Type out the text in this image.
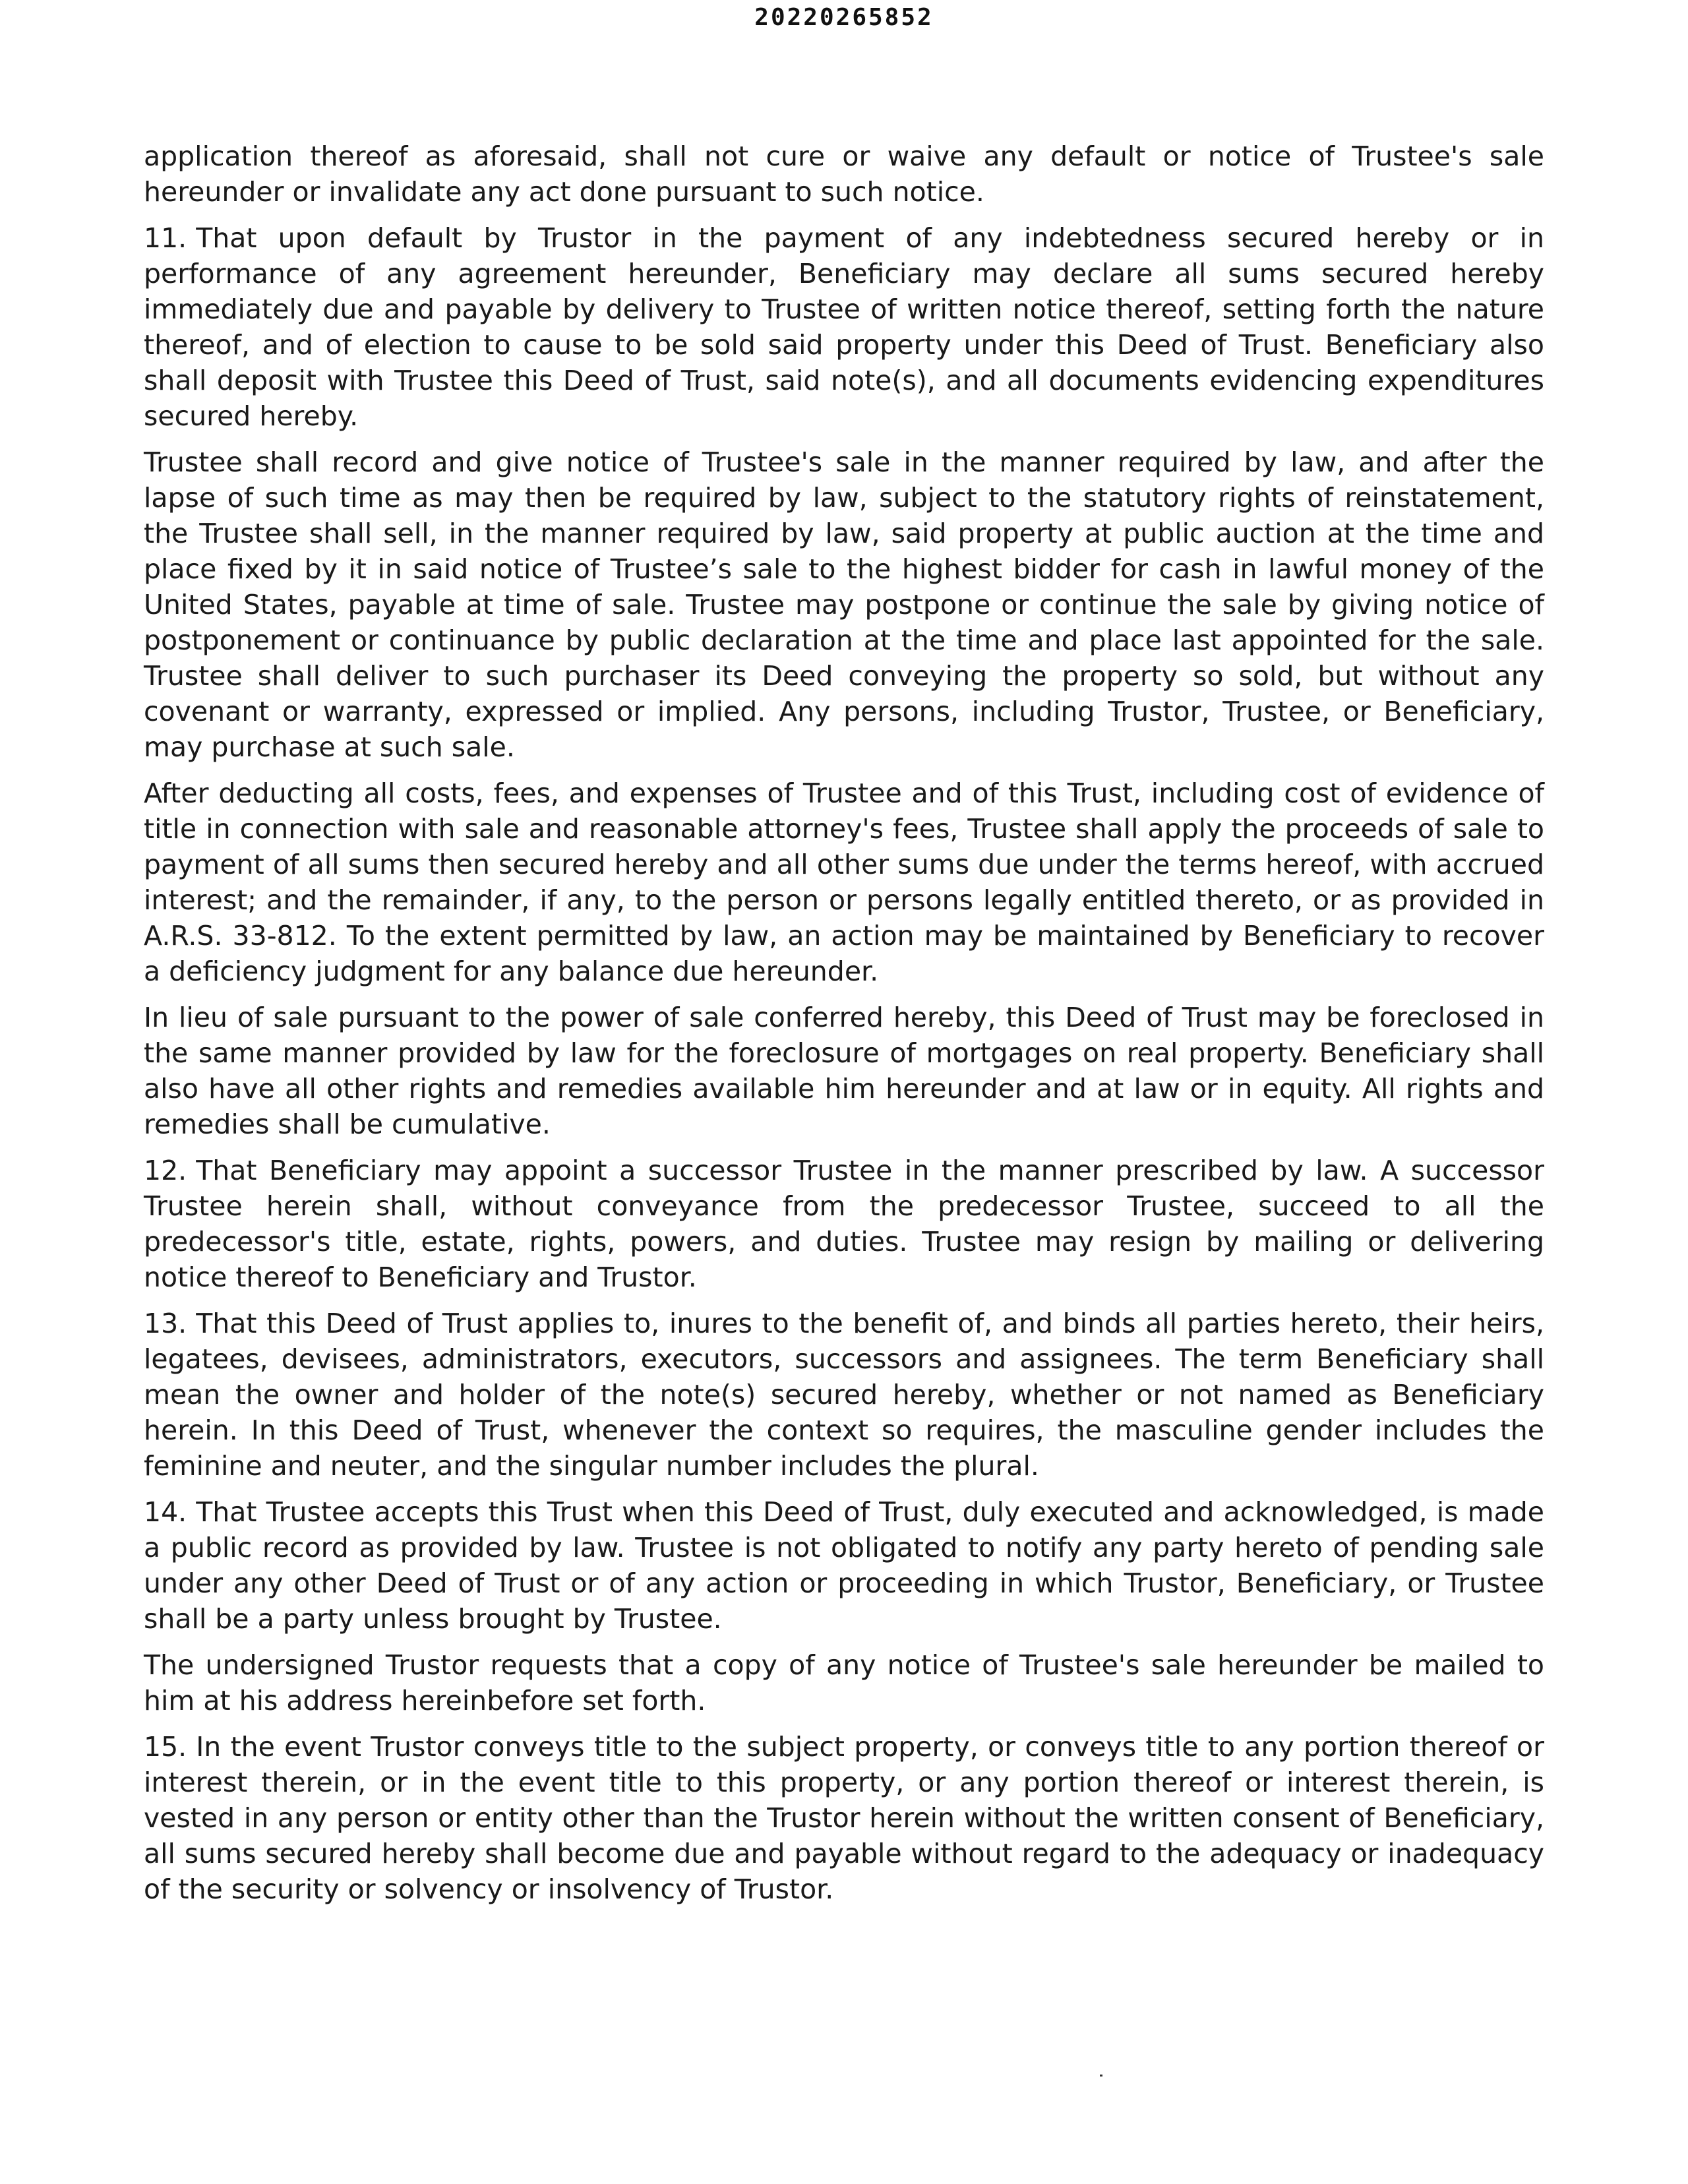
20220265852

application thereof as aforesaid, shall not cure or waive any default or notice of Trustee's sale hereunder or invalidate any act done pursuant to such notice.

11. That upon default by Trustor in the payment of any indebtedness secured hereby or in performance of any agreement hereunder, Beneficiary may declare all sums secured hereby immediately due and payable by delivery to Trustee of written notice thereof, setting forth the nature thereof, and of election to cause to be sold said property under this Deed of Trust. Beneficiary also shall deposit with Trustee this Deed of Trust, said note(s), and all documents evidencing expenditures secured hereby.

Trustee shall record and give notice of Trustee's sale in the manner required by law, and after the lapse of such time as may then be required by law, subject to the statutory rights of reinstatement, the Trustee shall sell, in the manner required by law, said property at public auction at the time and place fixed by it in said notice of Trustee’s sale to the highest bidder for cash in lawful money of the United States, payable at time of sale. Trustee may postpone or continue the sale by giving notice of postponement or continuance by public declaration at the time and place last appointed for the sale. Trustee shall deliver to such purchaser its Deed conveying the property so sold, but without any covenant or warranty, expressed or implied. Any persons, including Trustor, Trustee, or Beneficiary, may purchase at such sale.

After deducting all costs, fees, and expenses of Trustee and of this Trust, including cost of evidence of title in connection with sale and reasonable attorney's fees, Trustee shall apply the proceeds of sale to payment of all sums then secured hereby and all other sums due under the terms hereof, with accrued interest; and the remainder, if any, to the person or persons legally entitled thereto, or as provided in A.R.S. 33-812. To the extent permitted by law, an action may be maintained by Beneficiary to recover a deficiency judgment for any balance due hereunder.

In lieu of sale pursuant to the power of sale conferred hereby, this Deed of Trust may be foreclosed in the same manner provided by law for the foreclosure of mortgages on real property. Beneficiary shall also have all other rights and remedies available him hereunder and at law or in equity. All rights and remedies shall be cumulative.

12. That Beneficiary may appoint a successor Trustee in the manner prescribed by law. A successor Trustee herein shall, without conveyance from the predecessor Trustee, succeed to all the predecessor's title, estate, rights, powers, and duties. Trustee may resign by mailing or delivering notice thereof to Beneficiary and Trustor.

13. That this Deed of Trust applies to, inures to the benefit of, and binds all parties hereto, their heirs, legatees, devisees, administrators, executors, successors and assignees. The term Beneficiary shall mean the owner and holder of the note(s) secured hereby, whether or not named as Beneficiary herein. In this Deed of Trust, whenever the context so requires, the masculine gender includes the feminine and neuter, and the singular number includes the plural.

14. That Trustee accepts this Trust when this Deed of Trust, duly executed and acknowledged, is made a public record as provided by law. Trustee is not obligated to notify any party hereto of pending sale under any other Deed of Trust or of any action or proceeding in which Trustor, Beneficiary, or Trustee shall be a party unless brought by Trustee.

The undersigned Trustor requests that a copy of any notice of Trustee's sale hereunder be mailed to him at his address hereinbefore set forth.

15. In the event Trustor conveys title to the subject property, or conveys title to any portion thereof or interest therein, or in the event title to this property, or any portion thereof or interest therein, is vested in any person or entity other than the Trustor herein without the written consent of Beneficiary, all sums secured hereby shall become due and payable without regard to the adequacy or inadequacy of the security or solvency or insolvency of Trustor.
